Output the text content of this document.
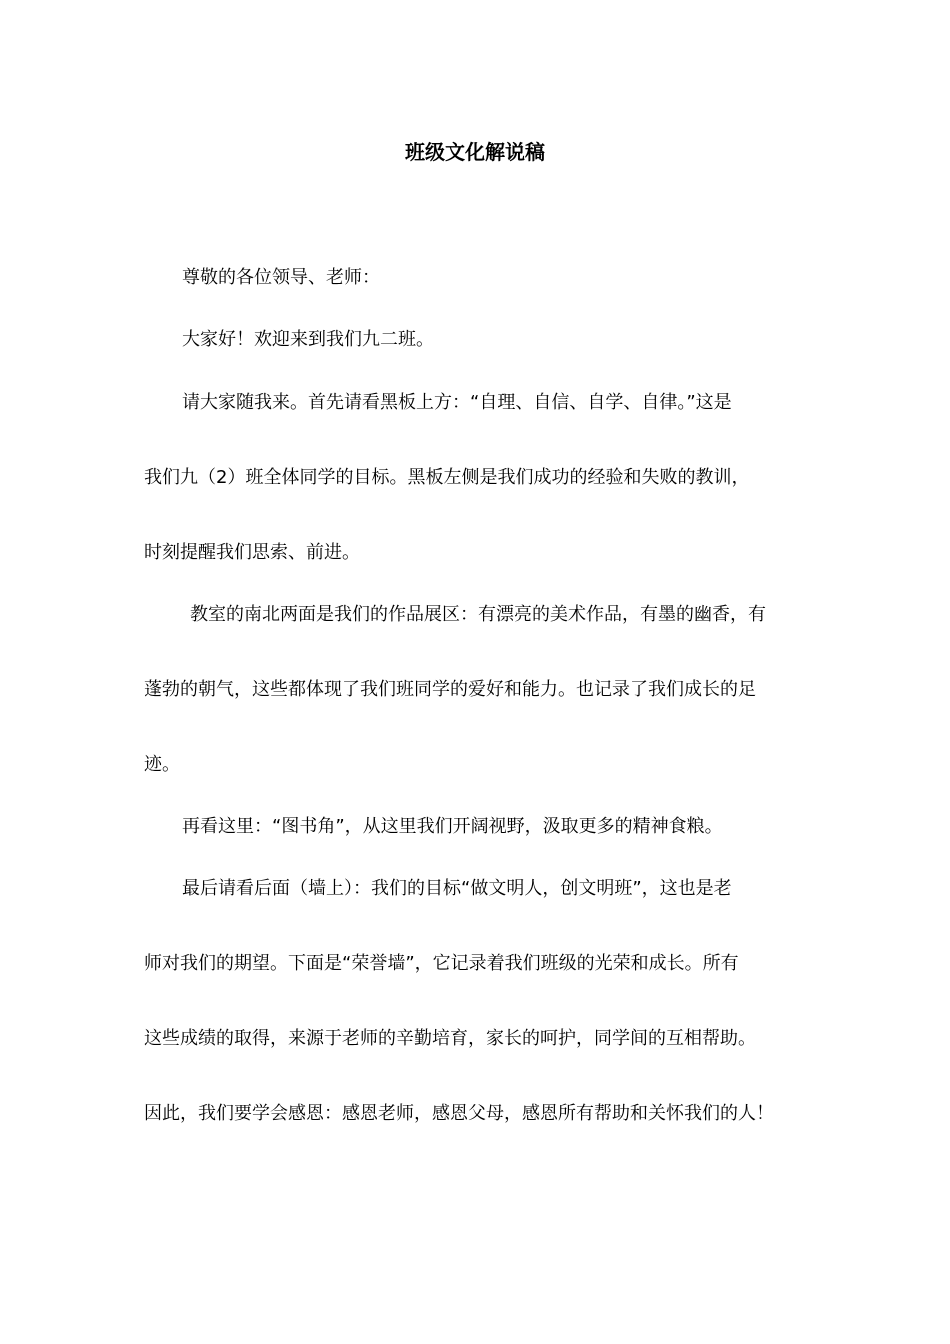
班级文化解说稿
尊敬的各位领导、老师：
大家好！欢迎来到我们九二班。
请大家随我来。首先请看黑板上方：“自理、自信、自学、自律。”这是
我们九（2）班全体同学的目标。黑板左侧是我们成功的经验和失败的教训，
时刻提醒我们思索、前进。
教室的南北两面是我们的作品展区：有漂亮的美术作品，有墨的幽香，有
蓬勃的朝气，这些都体现了我们班同学的爱好和能力。也记录了我们成长的足
迹。
再看这里：“图书角”，从这里我们开阔视野，汲取更多的精神食粮。
最后请看后面（墙上）：我们的目标“做文明人，创文明班”，这也是老
师对我们的期望。下面是“荣誉墙”，它记录着我们班级的光荣和成长。所有
这些成绩的取得，来源于老师的辛勤培育，家长的呵护，同学间的互相帮助。
因此，我们要学会感恩：感恩老师，感恩父母，感恩所有帮助和关怀我们的人！
